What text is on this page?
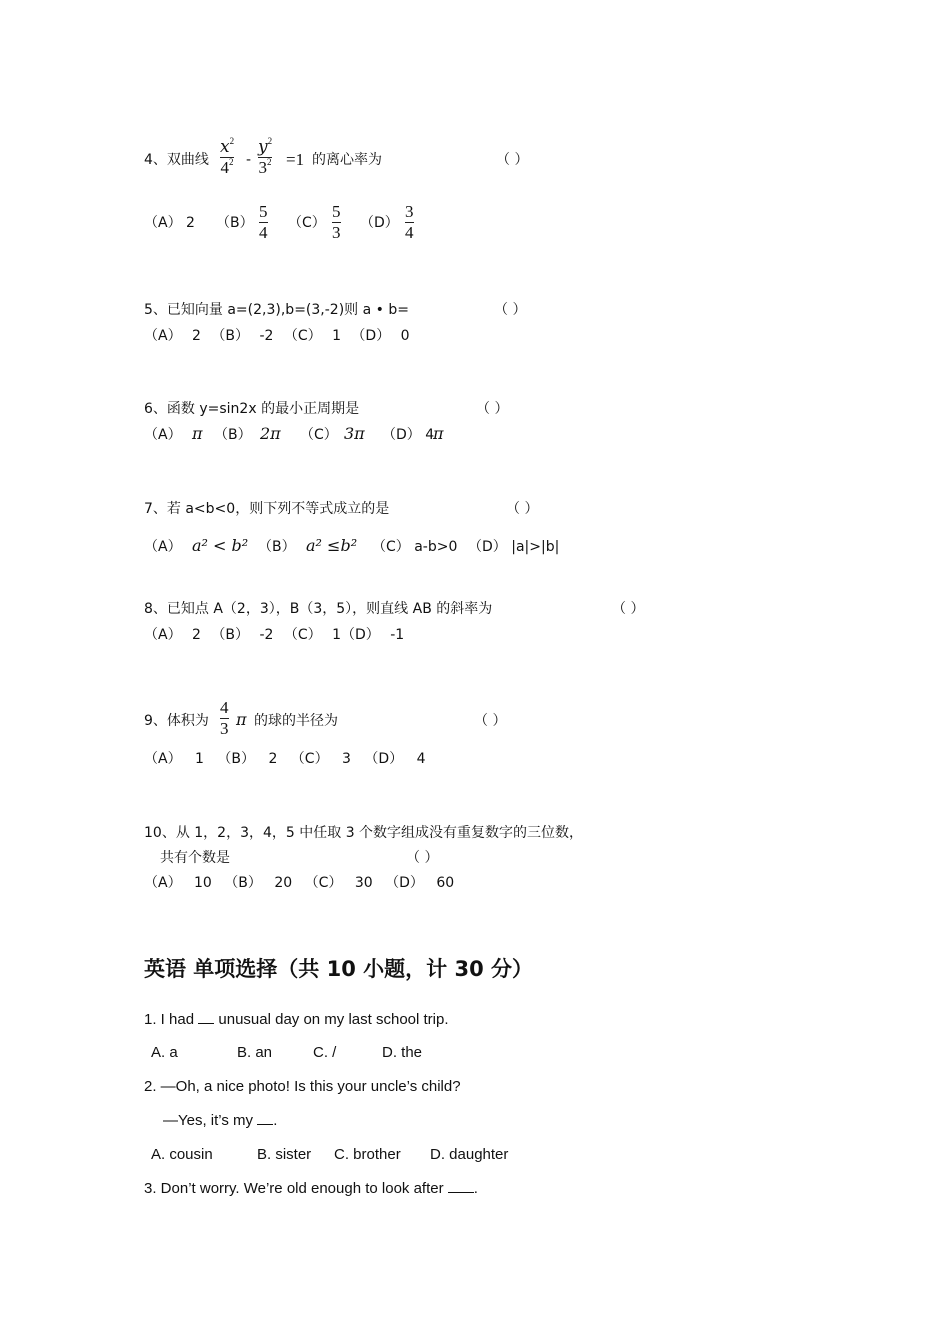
4、双曲线
$x^2$
$4^2$ -
$y^2$
$3^2 =1$ 的离心率为	（ ）
（A） 2 （B）
5
4 （C）
5
3 （D）
3
4
5、已知向量 a=(2,3),b=(3,-2)则 a • b=	（ ）
（A） 2 （B） -2 （C） 1 （D） 0
6、函数 y=sin2x 的最小正周期是	（ ）
（A） π （B） 2π （C） 3π （D） 4
π
7、若 a<b<0，则下列不等式成立的是	（ ）
（A） a² < b² （B） a² ≤b² （C） a-b>0 （D） |a|>|b|
8、已知点 A（2，3），B（3，5），则直线 AB 的斜率为	（ ）
（A） 2 （B） -2 （C） 1（D） -1
9、体积为
4
3 π 的球的半径为	（ ）
（A） 1 （B） 2 （C） 3 （D） 4
10、从 1，2，3，4，5 中任取 3 个数字组成没有重复数字的三位数，
共有个数是	（ ）
（A） 10 （B） 20 （C） 30 （D） 60
英语 单项选择（共 10 小题，计 30 分）
1. I had unusual day on my last school trip.
A. a	B. an	C. /	D. the
2. —Oh, a nice photo! Is this your uncle’s child?
—Yes, it’s my .
A. cousin	B. sister C. brother D. daughter
3. Don’t worry. We’re old enough to look after .
